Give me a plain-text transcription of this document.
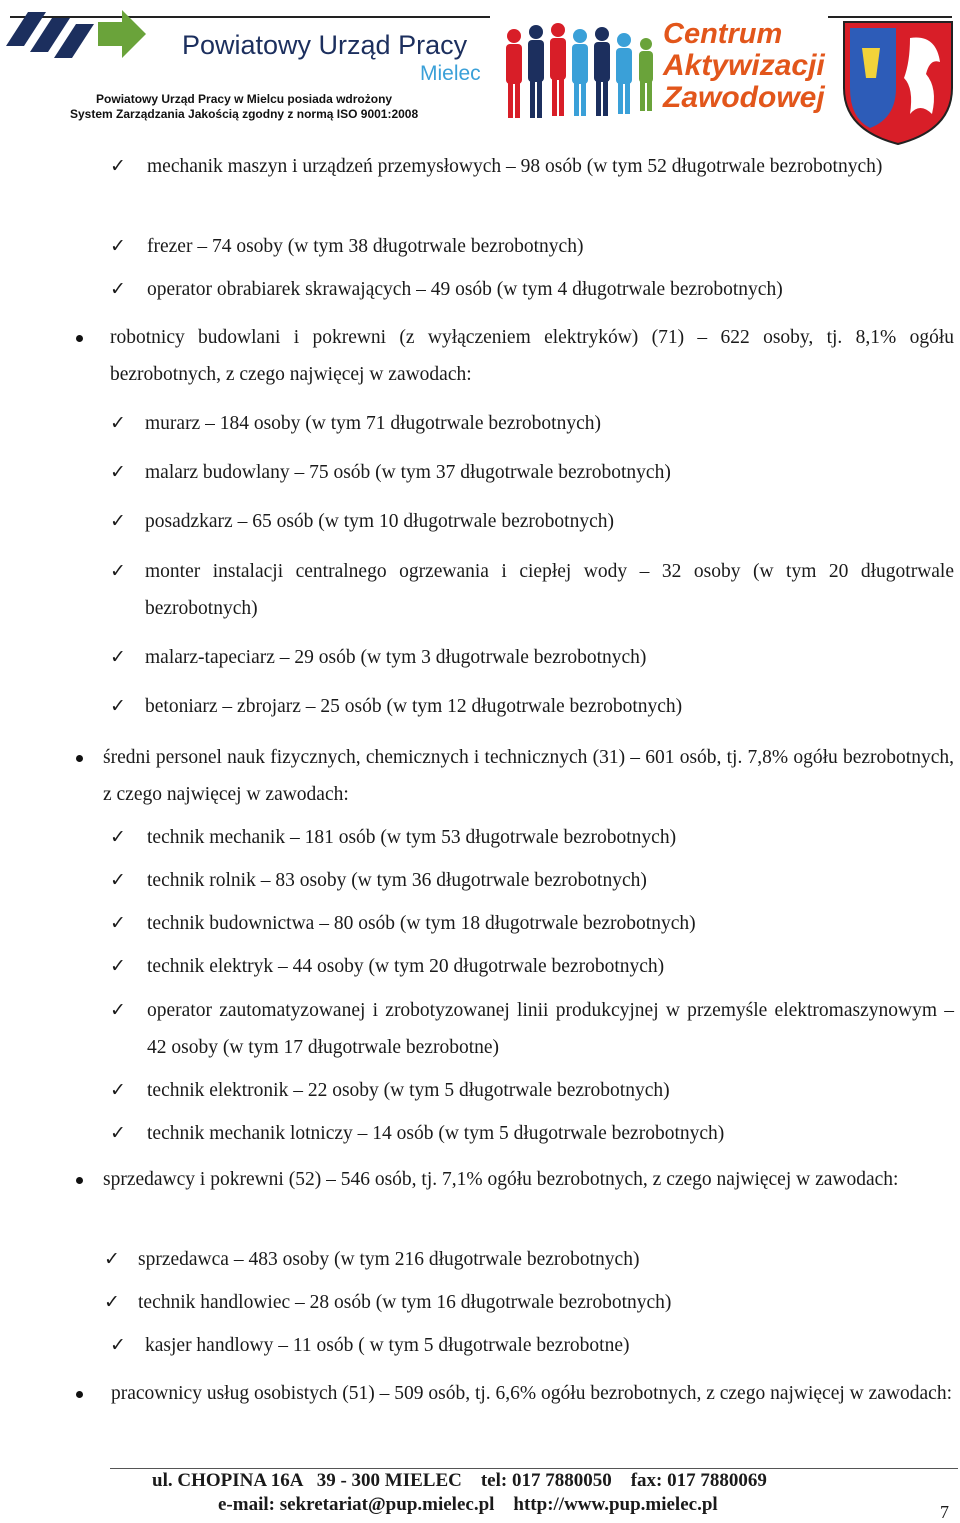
Powiatowy Urząd Pracy
Mielec
Powiatowy Urząd Pracy w Mielcu posiada wdrożony
System Zarządzania Jakością zgodny z normą ISO 9001:2008
Centrum
Aktywizacji
Zawodowej
✓ mechanik maszyn i urządzeń przemysłowych – 98 osób (w tym 52 długotrwale bezrobotnych)
✓ frezer – 74 osoby (w tym 38 długotrwale bezrobotnych)
✓ operator obrabiarek skrawających – 49 osób (w tym 4 długotrwale bezrobotnych)
robotnicy budowlani i pokrewni (z wyłączeniem elektryków) (71) – 622 osoby, tj. 8,1% ogółu bezrobotnych, z czego najwięcej w zawodach:
✓ murarz – 184 osoby (w tym 71 długotrwale bezrobotnych)
✓ malarz budowlany – 75 osób (w tym 37 długotrwale bezrobotnych)
✓ posadzkarz – 65 osób (w tym 10 długotrwale bezrobotnych)
✓ monter instalacji centralnego ogrzewania i ciepłej wody – 32 osoby (w tym 20 długotrwale bezrobotnych)
✓ malarz-tapeciarz – 29 osób (w tym 3 długotrwale bezrobotnych)
✓ betoniarz – zbrojarz – 25 osób (w tym 12 długotrwale bezrobotnych)
średni personel nauk fizycznych, chemicznych i technicznych (31) – 601 osób, tj. 7,8% ogółu bezrobotnych, z czego najwięcej w zawodach:
✓ technik mechanik – 181 osób (w tym 53 długotrwale bezrobotnych)
✓ technik rolnik – 83 osoby (w tym 36 długotrwale bezrobotnych)
✓ technik budownictwa – 80 osób (w tym 18 długotrwale bezrobotnych)
✓ technik elektryk – 44 osoby (w tym 20 długotrwale bezrobotnych)
✓ operator zautomatyzowanej i zrobotyzowanej linii produkcyjnej w przemyśle elektromaszynowym – 42 osoby (w tym 17 długotrwale bezrobotne)
✓ technik elektronik – 22 osoby (w tym 5 długotrwale bezrobotnych)
✓ technik mechanik lotniczy – 14 osób (w tym 5 długotrwale bezrobotnych)
sprzedawcy i pokrewni (52) – 546 osób, tj. 7,1% ogółu bezrobotnych, z czego najwięcej w zawodach:
✓ sprzedawca – 483 osoby (w tym 216 długotrwale bezrobotnych)
✓ technik handlowiec – 28 osób (w tym 16 długotrwale bezrobotnych)
✓ kasjer handlowy – 11 osób ( w tym 5 długotrwale bezrobotne)
pracownicy usług osobistych (51) – 509 osób, tj. 6,6% ogółu bezrobotnych, z czego najwięcej w zawodach:
ul. CHOPINA 16A   39 - 300 MIELEC    tel: 017 7880050    fax: 017 7880069
e-mail: sekretariat@pup.mielec.pl    http://www.pup.mielec.pl	7
